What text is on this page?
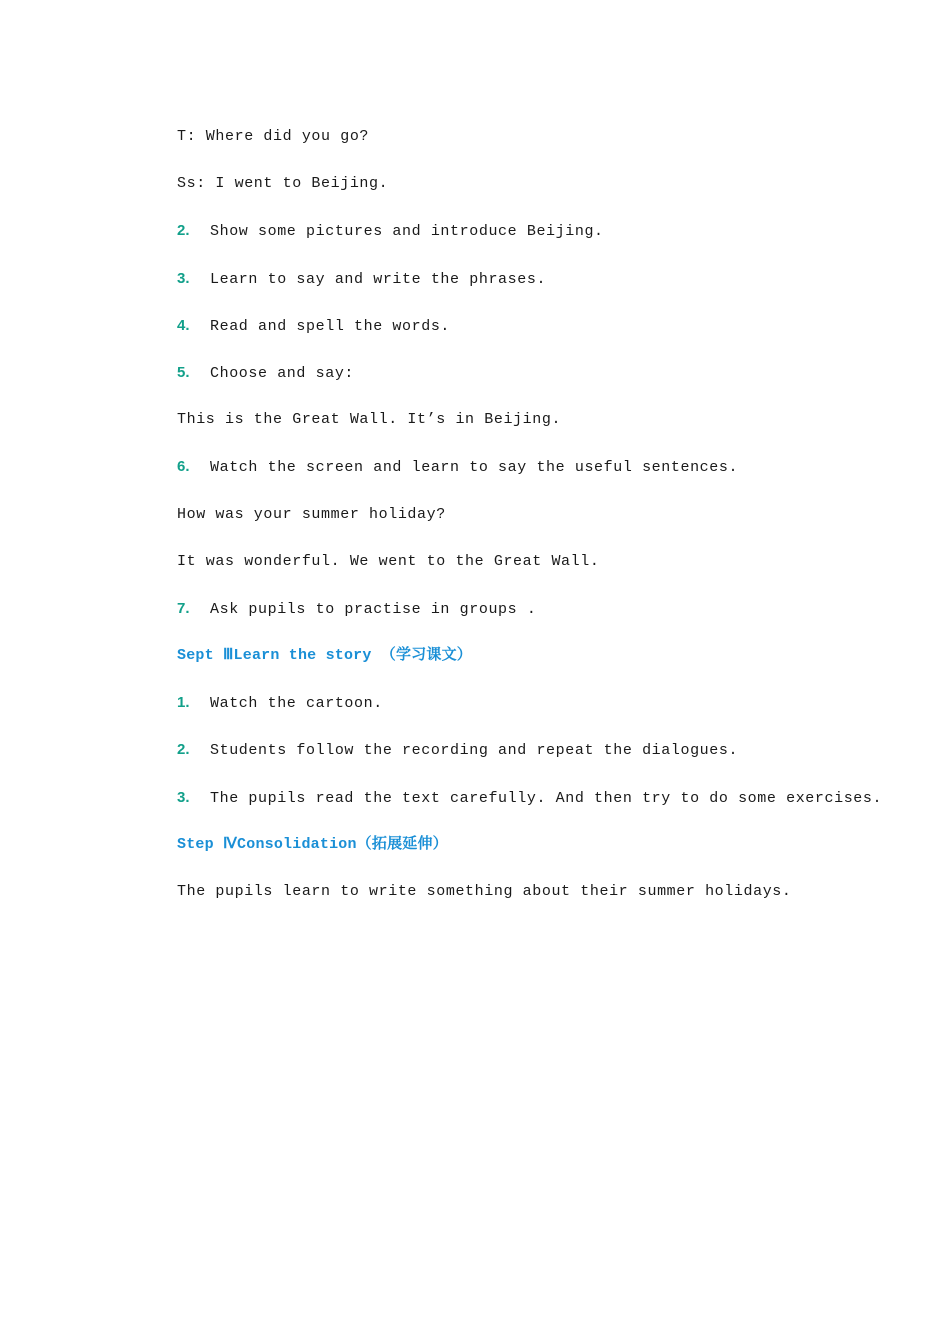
T: Where did you go?
Ss: I went to Beijing.
2. Show some pictures and introduce Beijing.
3. Learn to say and write the phrases.
4. Read and spell the words.
5. Choose and say:
This is the Great Wall. It’s in Beijing.
6. Watch the screen and learn to say the useful sentences.
How was your summer holiday?
It was wonderful. We went to the Great Wall.
7. Ask pupils to practise in groups .
Sept ⅢLearn the story （学习课文）
1. Watch the cartoon.
2. Students follow the recording and repeat the dialogues.
3. The pupils read the text carefully. And then try to do some exercises.
Step ⅣConsolidation（拓展延伸）
The pupils learn to write something about their summer holidays.
